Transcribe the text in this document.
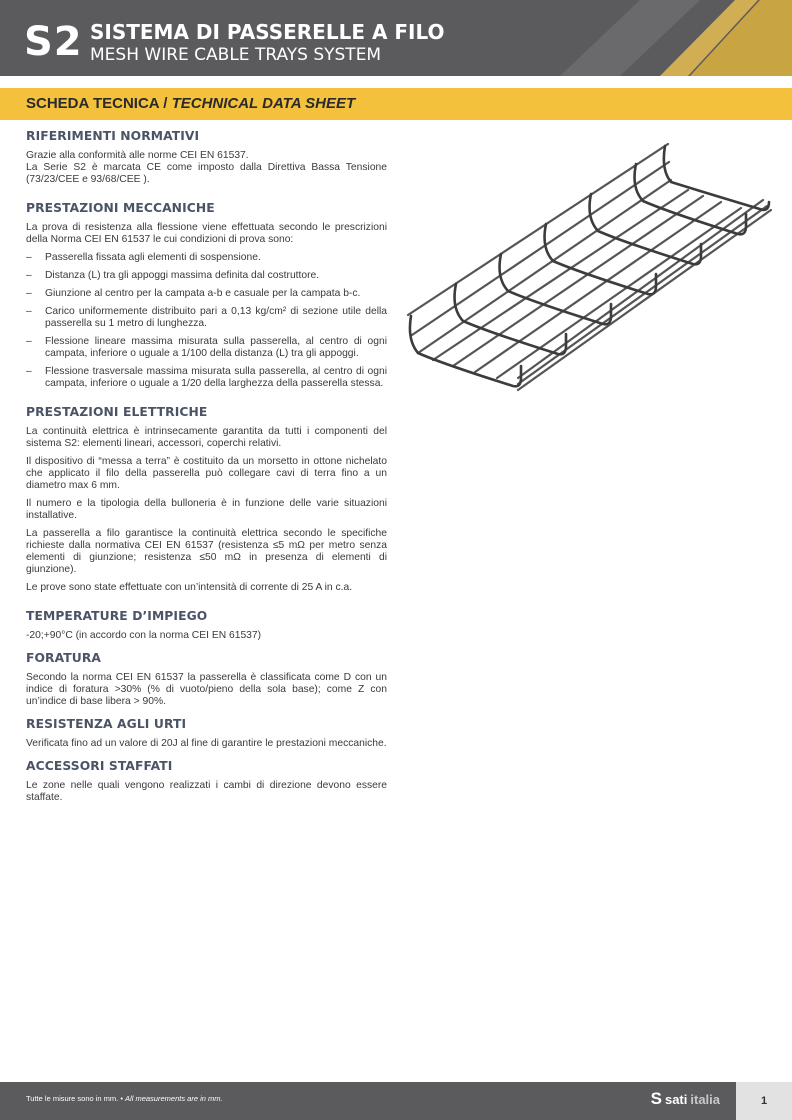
S2 SISTEMA DI PASSERELLE A FILO
MESH WIRE CABLE TRAYS SYSTEM
SCHEDA TECNICA / TECHNICAL DATA SHEET
RIFERIMENTI NORMATIVI

Grazie alla conformità alle norme CEI EN 61537.

La Serie S2 è marcata CE come imposto dalla Direttiva Bassa Tensione (73/23/CEE e 93/68/CEE ).

PRESTAZIONI MECCANICHE

La prova di resistenza alla flessione viene effettuata secondo le prescrizioni della Norma CEI EN 61537 le cui condizioni di prova sono:

– Passerella fissata agli elementi di sospensione.
– Distanza (L) tra gli appoggi massima definita dal costruttore.
– Giunzione al centro per la campata a-b e casuale per la campata b-c.
– Carico uniformemente distribuito pari a 0,13 kg/cm² di sezione utile della passerella su 1 metro di lunghezza.
– Flessione lineare massima misurata sulla passerella, al centro di ogni campata, inferiore o uguale a 1/100 della distanza (L) tra gli appoggi.
– Flessione trasversale massima misurata sulla passerella, al centro di ogni campata, inferiore o uguale a 1/20 della larghezza della passerella stessa.
PRESTAZIONI ELETTRICHE

La continuità elettrica è intrinsecamente garantita da tutti i componenti del sistema S2: elementi lineari, accessori, coperchi relativi.

Il dispositivo di “messa a terra” è costituito da un morsetto in ottone nichelato che applicato il filo della passerella può collegare cavi di terra fino a un diametro max 6 mm.

Il numero e la tipologia della bulloneria è in funzione delle varie situazioni installative.

La passerella a filo garantisce la continuità elettrica secondo le specifiche richieste dalla normativa CEI EN 61537 (resistenza ≤5 mΩ per metro senza elementi di giunzione; resistenza ≤50 mΩ in presenza di elementi di giunzione).

Le prove sono state effettuate con un’intensità di corrente di 25 A in c.a.

TEMPERATURE D’IMPIEGO

-20;+90°C (in accordo con la norma CEI EN 61537)

FORATURA

Secondo la norma CEI EN 61537 la passerella è classificata come D con un indice di foratura >30% (% di vuoto/pieno della sola base); come Z con un’indice di base libera > 90%.

RESISTENZA AGLI URTI

Verificata fino ad un valore di 20J al fine di garantire le prestazioni meccaniche.

ACCESSORI STAFFATI

Le zone nelle quali vengono realizzati i cambi di direzione devono essere staffate.

Tutte le misure sono in mm. • All measurements are in mm.	S sati italia	1
